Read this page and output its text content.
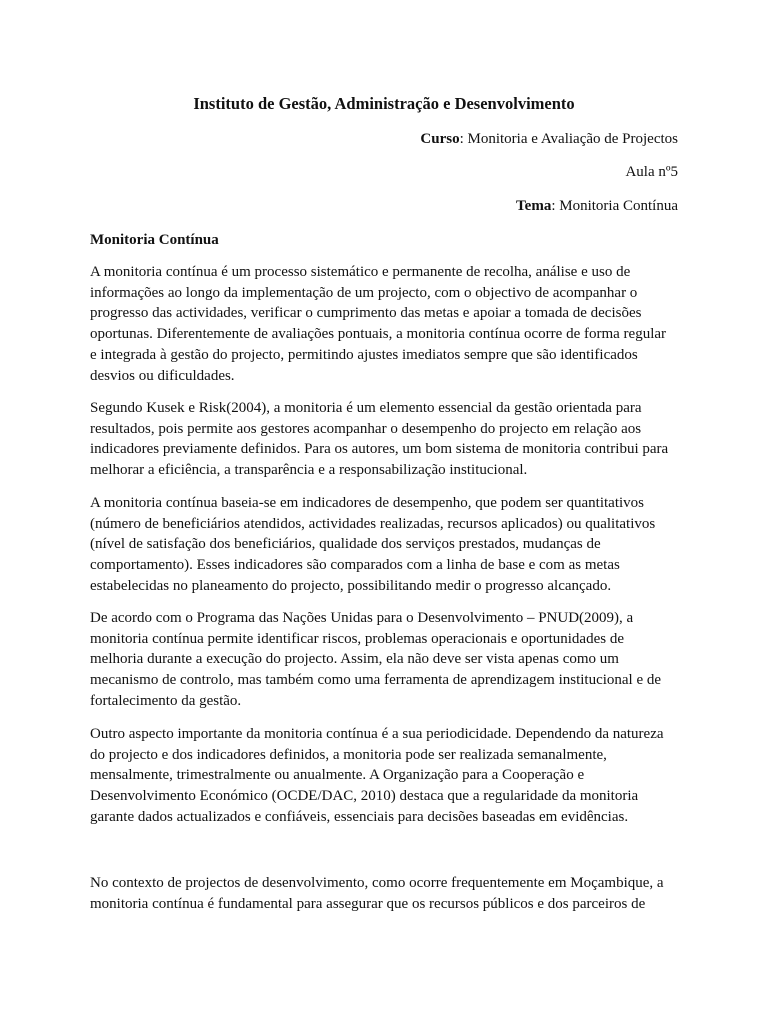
Instituto de Gestão, Administração e Desenvolvimento
Curso: Monitoria e Avaliação de Projectos
Aula nº5
Tema: Monitoria Contínua
Monitoria Contínua
A monitoria contínua é um processo sistemático e permanente de recolha, análise e uso de
informações ao longo da implementação de um projecto, com o objectivo de acompanhar o
progresso das actividades, verificar o cumprimento das metas e apoiar a tomada de decisões
oportunas. Diferentemente de avaliações pontuais, a monitoria contínua ocorre de forma regular
e integrada à gestão do projecto, permitindo ajustes imediatos sempre que são identificados
desvios ou dificuldades.
Segundo Kusek e Risk(2004), a monitoria é um elemento essencial da gestão orientada para
resultados, pois permite aos gestores acompanhar o desempenho do projecto em relação aos
indicadores previamente definidos. Para os autores, um bom sistema de monitoria contribui para
melhorar a eficiência, a transparência e a responsabilização institucional.
A monitoria contínua baseia-se em indicadores de desempenho, que podem ser quantitativos
(número de beneficiários atendidos, actividades realizadas, recursos aplicados) ou qualitativos
(nível de satisfação dos beneficiários, qualidade dos serviços prestados, mudanças de
comportamento). Esses indicadores são comparados com a linha de base e com as metas
estabelecidas no planeamento do projecto, possibilitando medir o progresso alcançado.
De acordo com o Programa das Nações Unidas para o Desenvolvimento – PNUD(2009), a
monitoria contínua permite identificar riscos, problemas operacionais e oportunidades de
melhoria durante a execução do projecto. Assim, ela não deve ser vista apenas como um
mecanismo de controlo, mas também como uma ferramenta de aprendizagem institucional e de
fortalecimento da gestão.
Outro aspecto importante da monitoria contínua é a sua periodicidade. Dependendo da natureza
do projecto e dos indicadores definidos, a monitoria pode ser realizada semanalmente,
mensalmente, trimestralmente ou anualmente. A Organização para a Cooperação e
Desenvolvimento Económico (OCDE/DAC, 2010) destaca que a regularidade da monitoria
garante dados actualizados e confiáveis, essenciais para decisões baseadas em evidências.
No contexto de projectos de desenvolvimento, como ocorre frequentemente em Moçambique, a
monitoria contínua é fundamental para assegurar que os recursos públicos e dos parceiros de
